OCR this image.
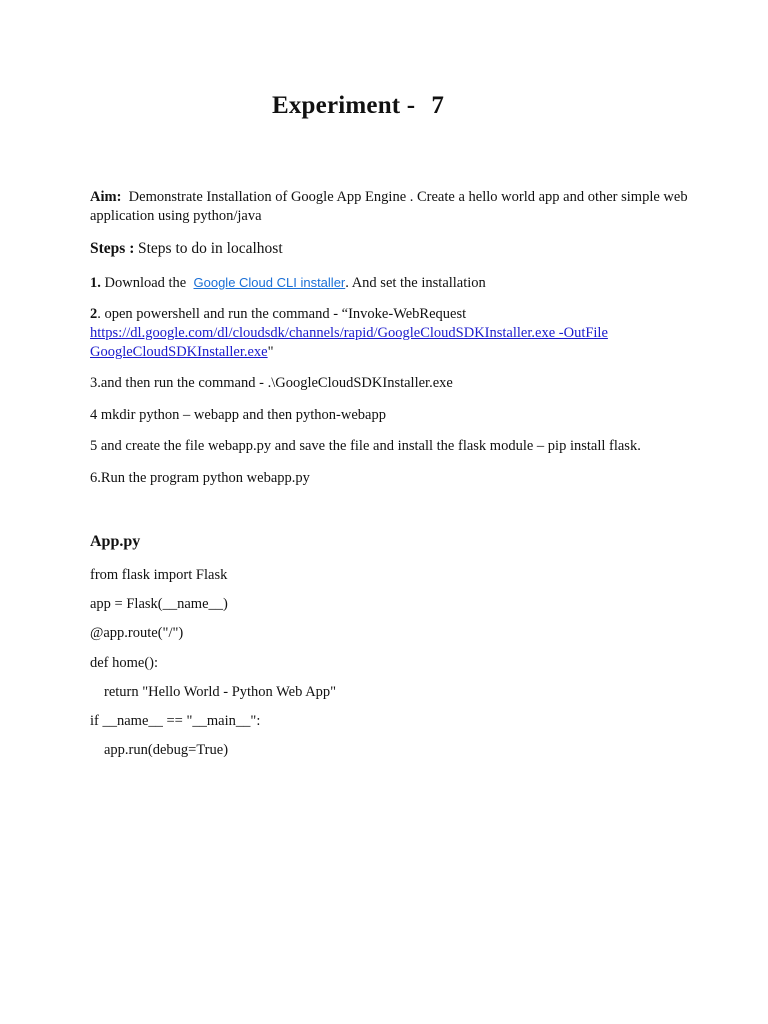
Experiment - 7
Aim: Demonstrate Installation of Google App Engine . Create a hello world app and other simple web application using python/java
Steps : Steps to do in localhost
1. Download the Google Cloud CLI installer. And set the installation
2. open powershell and run the command - “Invoke-WebRequest
https://dl.google.com/dl/cloudsdk/channels/rapid/GoogleCloudSDKInstaller.exe -OutFile GoogleCloudSDKInstaller.exe"
3.and then run the command - .\GoogleCloudSDKInstaller.exe
4 mkdir python – webapp and then python-webapp
5 and create the file webapp.py and save the file and install the flask module – pip install flask.
6.Run the program python webapp.py
App.py
from flask import Flask
app = Flask(__name__)
@app.route("/")
def home():
return "Hello World - Python Web App"
if __name__ == "__main__":
app.run(debug=True)
